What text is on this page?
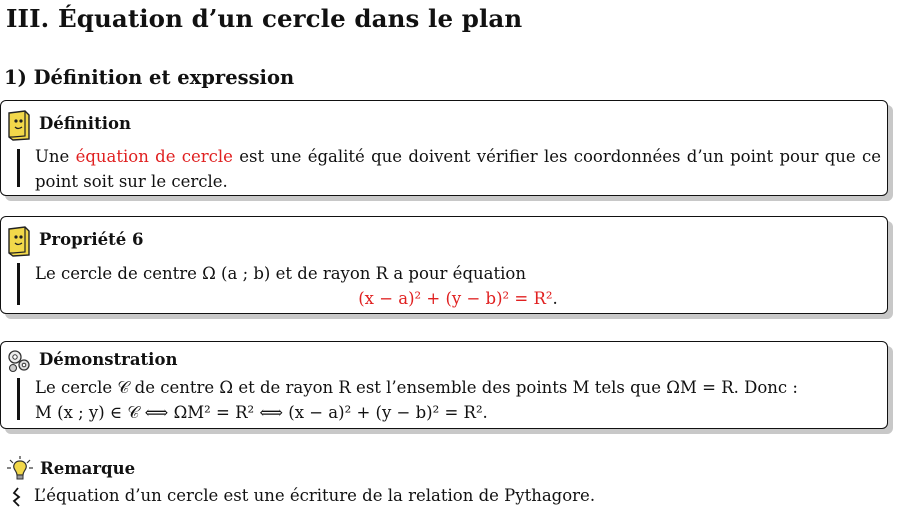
III. Équation d’un cercle dans le plan
1) Définition et expression
Définition
Une équation de cercle est une égalité que doivent vérifier les coordonnées d’un point pour que ce point soit sur le cercle.
Propriété 6
Le cercle de centre Ω (a ; b) et de rayon R a pour équation
(x − a)² + (y − b)² = R².
Démonstration
Le cercle 𝒞 de centre Ω et de rayon R est l’ensemble des points M tels que ΩM = R. Donc :
M (x ; y) ∈ 𝒞 ⟺ ΩM² = R² ⟺ (x − a)² + (y − b)² = R².
Remarque
L’équation d’un cercle est une écriture de la relation de Pythagore.
